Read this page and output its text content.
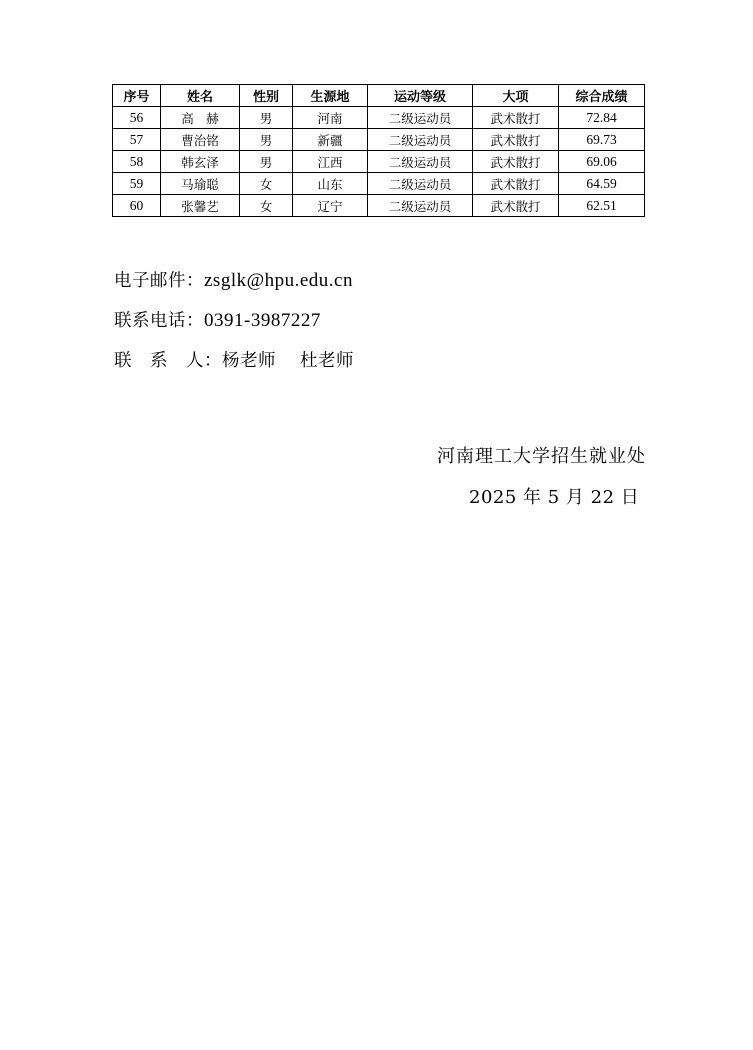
序号	姓名	性别	生源地	运动等级	大项	综合成绩
56	高　赫	男	河南	二级运动员	武术散打	72.84
57	曹治铭	男	新疆	二级运动员	武术散打	69.73
58	韩玄泽	男	江西	二级运动员	武术散打	69.06
59	马瑜聪	女	山东	二级运动员	武术散打	64.59
60	张馨艺	女	辽宁	二级运动员	武术散打	62.51
电子邮件：zsglk@hpu.edu.cn
联系电话：0391-3987227
联　系　人：杨老师　 杜老师
河南理工大学招生就业处
2025 年 5 月 22 日
